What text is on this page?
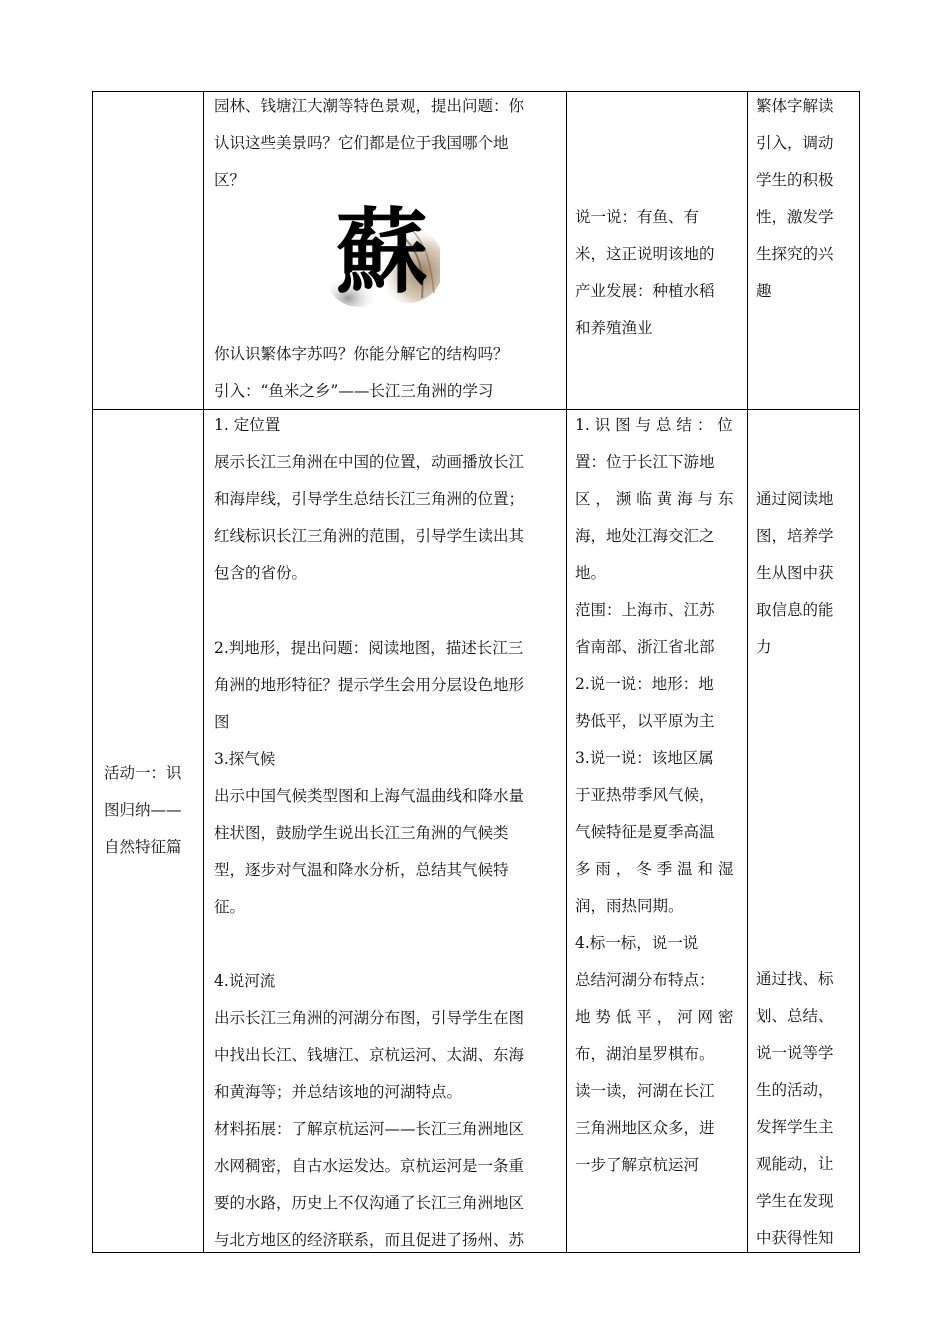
园林、钱塘江大潮等特色景观，提出问题：你

认识这些美景吗？它们都是位于我国哪个地

区？

蘇

你认识繁体字苏吗？你能分解它的结构吗？

引入：“鱼米之乡”——长江三角洲的学习

说一说：有鱼、有

米，这正说明该地的

产业发展：种植水稻

和养殖渔业

繁体字解读

引入，调动

学生的积极

性，激发学

生探究的兴

趣

活动一：识

图归纳——

自然特征篇

1. 定位置

展示长江三角洲在中国的位置，动画播放长江

和海岸线，引导学生总结长江三角洲的位置；

红线标识长江三角洲的范围，引导学生读出其

包含的省份。

2.判地形，提出问题：阅读地图，描述长江三

角洲的地形特征？提示学生会用分层设色地形

图

3.探气候

出示中国气候类型图和上海气温曲线和降水量

柱状图，鼓励学生说出长江三角洲的气候类

型，逐步对气温和降水分析，总结其气候特

征。

4.说河流

出示长江三角洲的河湖分布图，引导学生在图

中找出长江、钱塘江、京杭运河、太湖、东海

和黄海等；并总结该地的河湖特点。

材料拓展：了解京杭运河——长江三角洲地区

水网稠密，自古水运发达。京杭运河是一条重

要的水路，历史上不仅沟通了长江三角洲地区

与北方地区的经济联系，而且促进了扬州、苏

1. 识 图 与 总 结 ： 位

置：位于长江下游地

区 ， 濒 临 黄 海 与 东

海，地处江海交汇之

地。

范围：上海市、江苏

省南部、浙江省北部

2.说一说：地形：地

势低平，以平原为主

3.说一说：该地区属

于亚热带季风气候，

气候特征是夏季高温

多 雨 ， 冬 季 温 和 湿

润，雨热同期。

4.标一标，说一说

总结河湖分布特点：

地 势 低 平 ， 河 网 密

布，湖泊星罗棋布。

读一读，河湖在长江

三角洲地区众多，进

一步了解京杭运河

通过阅读地

图，培养学

生从图中获

取信息的能

力

通过找、标

划、总结、

说一说等学

生的活动，

发挥学生主

观能动，让

学生在发现

中获得性知
